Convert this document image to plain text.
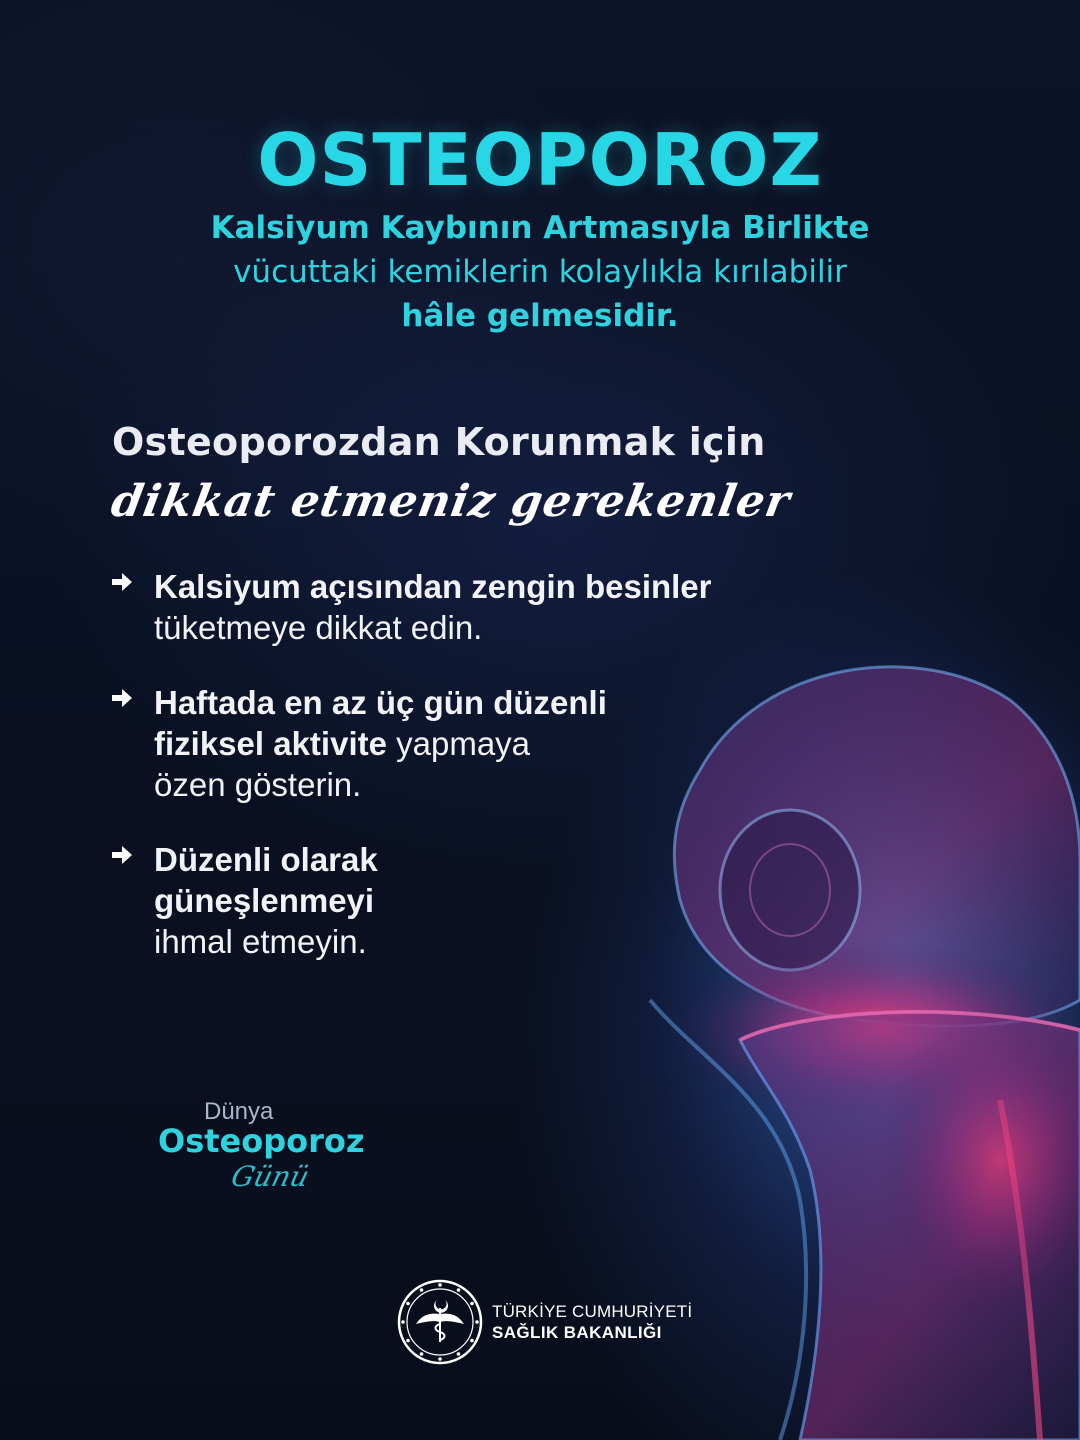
OSTEOPOROZ
Kalsiyum Kaybının Artmasıyla Birlikte
vücuttaki kemiklerin kolaylıkla kırılabilir
hâle gelmesidir.
Osteoporozdan Korunmak için
dikkat etmeniz gerekenler
Kalsiyum açısından zengin besinler
tüketmeye dikkat edin.
Haftada en az üç gün düzenli
fiziksel aktivite yapmaya
özen gösterin.
Düzenli olarak
güneşlenmeyi
ihmal etmeyin.
Dünya
Osteoporoz
Günü
TÜRKİYE CUMHURİYETİ
SAĞLIK BAKANLIĞI
